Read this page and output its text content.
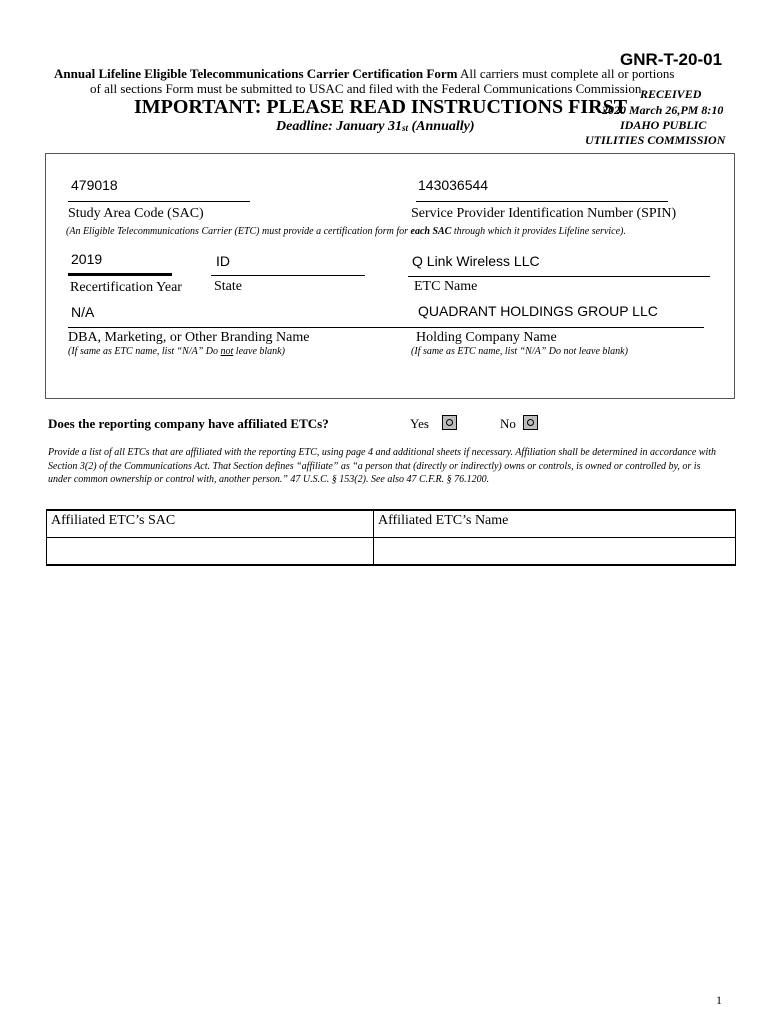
GNR-T-20-01
Annual Lifeline Eligible Telecommunications Carrier Certification Form All carriers must complete all or portions
of all sections Form must be submitted to USAC and filed with the Federal Communications Commission
IMPORTANT: PLEASE READ INSTRUCTIONS FIRST
Deadline: January 31st (Annually)
RECEIVED
2020 March 26,PM 8:10
IDAHO PUBLIC
UTILITIES COMMISSION
479018
Study Area Code (SAC)
143036544
Service Provider Identification Number (SPIN)
(An Eligible Telecommunications Carrier (ETC) must provide a certification form for each SAC through which it provides Lifeline service).
2019
Recertification Year
ID
State
Q Link Wireless LLC
ETC Name
N/A
DBA, Marketing, or Other Branding Name
(If same as ETC name, list “N/A” Do not leave blank)
QUADRANT HOLDINGS GROUP LLC
Holding Company Name
(If same as ETC name, list “N/A” Do not leave blank)
Does the reporting company have affiliated ETCs?	Yes	No
Provide a list of all ETCs that are affiliated with the reporting ETC, using page 4 and additional sheets if necessary. Affiliation shall be determined in accordance with Section 3(2) of the Communications Act. That Section defines “affiliate” as “a person that (directly or indirectly) owns or controls, is owned or controlled by, or is under common ownership or control with, another person.” 47 U.S.C. § 153(2). See also 47 C.F.R. § 76.1200.
Affiliated ETC’s SAC	Affiliated ETC’s Name

1
